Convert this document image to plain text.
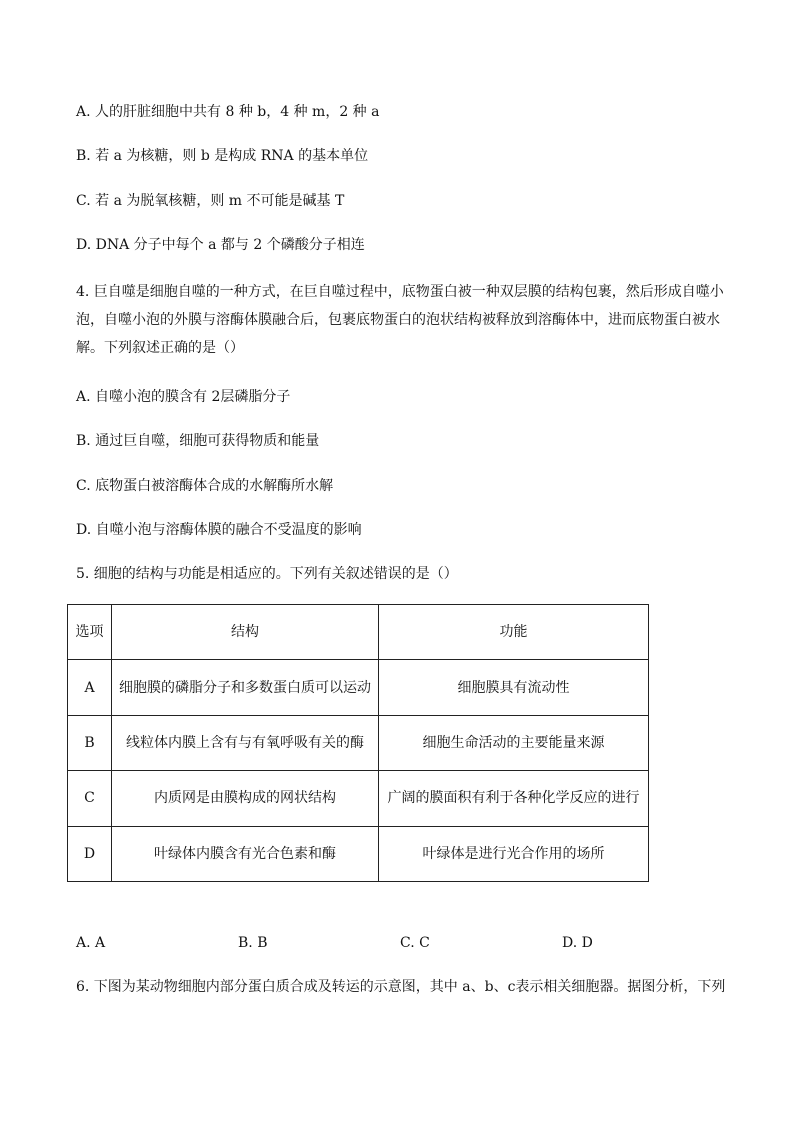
A. 人的肝脏细胞中共有 8 种 b，4 种 m，2 种 a
B. 若 a 为核糖，则 b 是构成 RNA 的基本单位
C. 若 a 为脱氧核糖，则 m 不可能是碱基 T
D. DNA 分子中每个 a 都与 2 个磷酸分子相连
4. 巨自噬是细胞自噬的一种方式，在巨自噬过程中，底物蛋白被一种双层膜的结构包裹，然后形成自噬小泡，自噬小泡的外膜与溶酶体膜融合后，包裹底物蛋白的泡状结构被释放到溶酶体中，进而底物蛋白被水解。下列叙述正确的是（）
A. 自噬小泡的膜含有 2层磷脂分子
B. 通过巨自噬，细胞可获得物质和能量
C. 底物蛋白被溶酶体合成的水解酶所水解
D. 自噬小泡与溶酶体膜的融合不受温度的影响
5. 细胞的结构与功能是相适应的。下列有关叙述错误的是（）
选项	结构	功能
A	细胞膜的磷脂分子和多数蛋白质可以运动	细胞膜具有流动性
B	线粒体内膜上含有与有氧呼吸有关的酶	细胞生命活动的主要能量来源
C	内质网是由膜构成的网状结构	广阔的膜面积有利于各种化学反应的进行
D	叶绿体内膜含有光合色素和酶	叶绿体是进行光合作用的场所
A. A	B. B	C. C	D. D
6. 下图为某动物细胞内部分蛋白质合成及转运的示意图，其中 a、b、c表示相关细胞器。据图分析，下列
